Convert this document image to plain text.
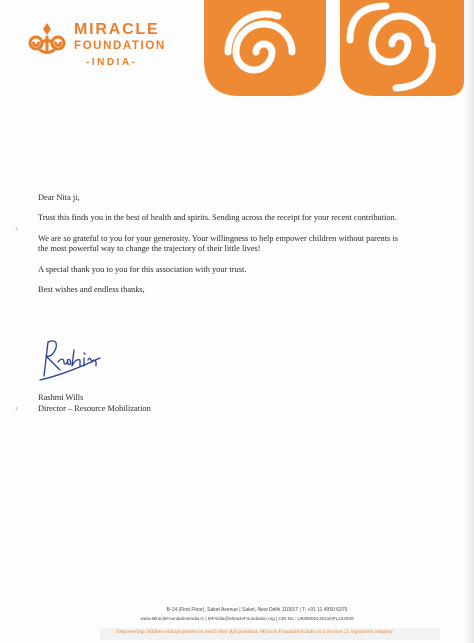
MIRACLE
FOUNDATION
-INDIA-

Dear Nita ji,

Trust this finds you in the best of health and spirits. Sending across the receipt for your recent contribution.

We are so grateful to you for your generosity. Your willingness to help empower children without parents is the most powerful way to change the trajectory of their little lives!

A special thank you to you for this association with your trust.

Best wishes and endless thanks,

Rashmi Wills
Director – Resource Mobilization
◖
◖
B-14 (First Floor), Saket Avenue | Saket, New Delhi 110017 | T: +91 11 4950 6375
www.MiracleFoundationIndia.in | MFIndia@MiracleFoundation.org | CIN No.: U93000DL2011NPL222639
Empowering children without parents to reach their full potential. Miracle Foundation India is a Section 25 registered company.
